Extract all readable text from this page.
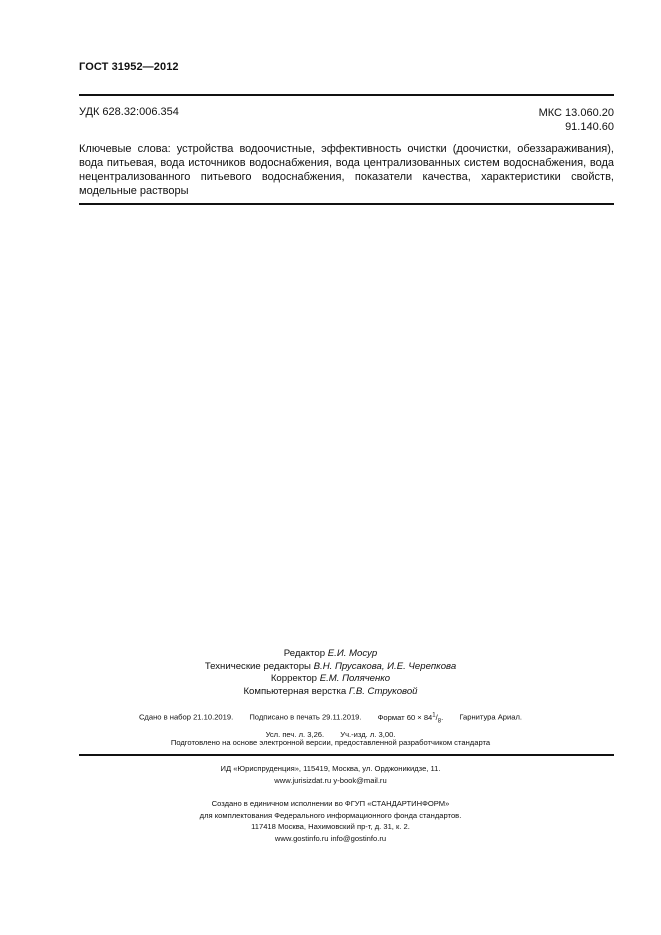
ГОСТ 31952—2012
УДК 628.32:006.354	МКС 13.060.20
91.140.60
Ключевые слова: устройства водоочистные, эффективность очистки (доочистки, обеззараживания), вода питьевая, вода источников водоснабжения, вода централизованных систем водоснабжения, вода нецентрализованного питьевого водоснабжения, показатели качества, характеристики свойств, модельные растворы
Редактор Е.И. Мосур
Технические редакторы В.Н. Прусакова, И.Е. Черепкова
Корректор Е.М. Поляченко
Компьютерная верстка Г.В. Струковой
Сдано в набор 21.10.2019. Подписано в печать 29.11.2019. Формат $60 \times 84^1/_8$. Гарнитура Ариал.
Усл. печ. л. 3,26. Уч.-изд. л. 3,00.
Подготовлено на основе электронной версии, предоставленной разработчиком стандарта
ИД «Юриспруденция», 115419, Москва, ул. Орджоникидзе, 11.
www.jurisizdat.ru y-book@mail.ru
Создано в единичном исполнении во ФГУП «СТАНДАРТИНФОРМ»
для комплектования Федерального информационного фонда стандартов.
117418 Москва, Нахимовский пр-т, д. 31, к. 2.
www.gostinfo.ru info@gostinfo.ru
